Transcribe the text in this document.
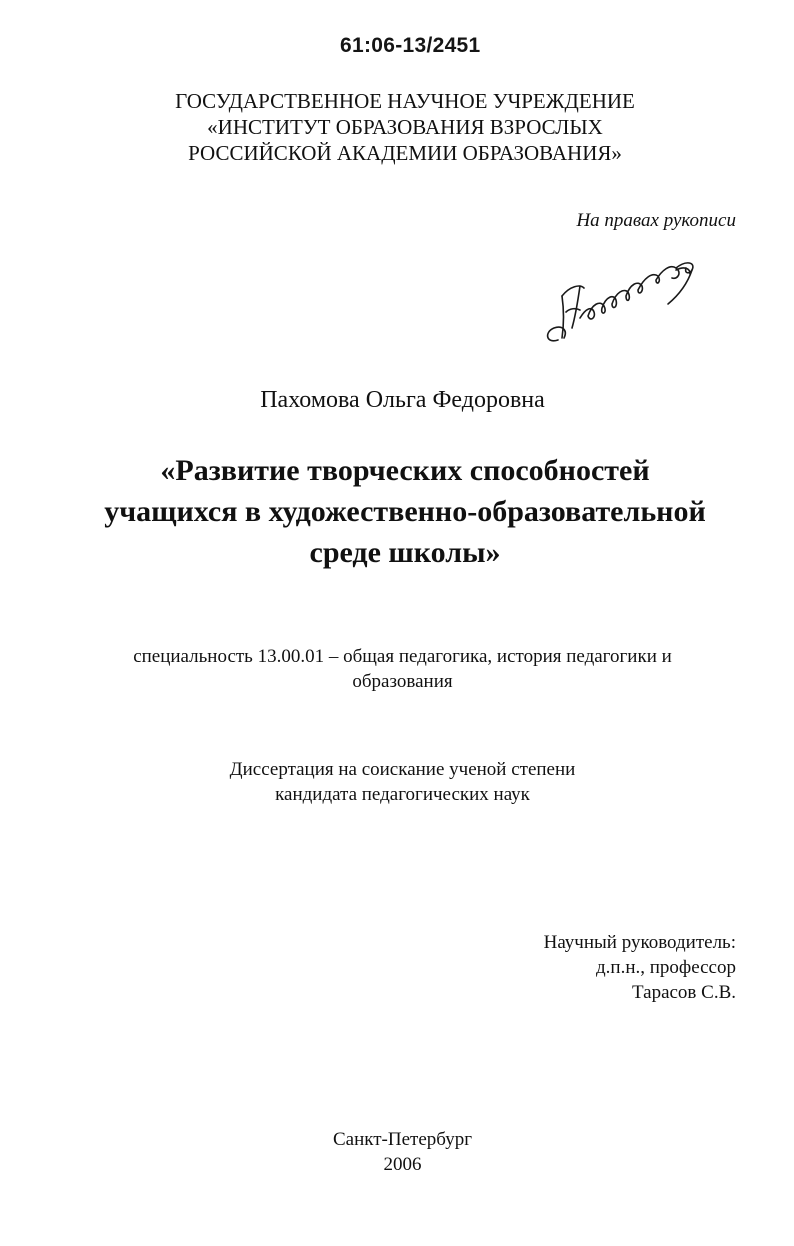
61:06-13/2451
ГОСУДАРСТВЕННОЕ НАУЧНОЕ УЧРЕЖДЕНИЕ
«ИНСТИТУТ ОБРАЗОВАНИЯ ВЗРОСЛЫХ
РОССИЙСКОЙ АКАДЕМИИ ОБРАЗОВАНИЯ»
На правах рукописи
Пахомова Ольга Федоровна
«Развитие творческих способностей
учащихся в художественно-образовательной
среде школы»
специальность 13.00.01 – общая педагогика, история педагогики и
образования
Диссертация на соискание ученой степени
кандидата педагогических наук
Научный руководитель:
д.п.н., профессор
Тарасов С.В.
Санкт-Петербург
2006
